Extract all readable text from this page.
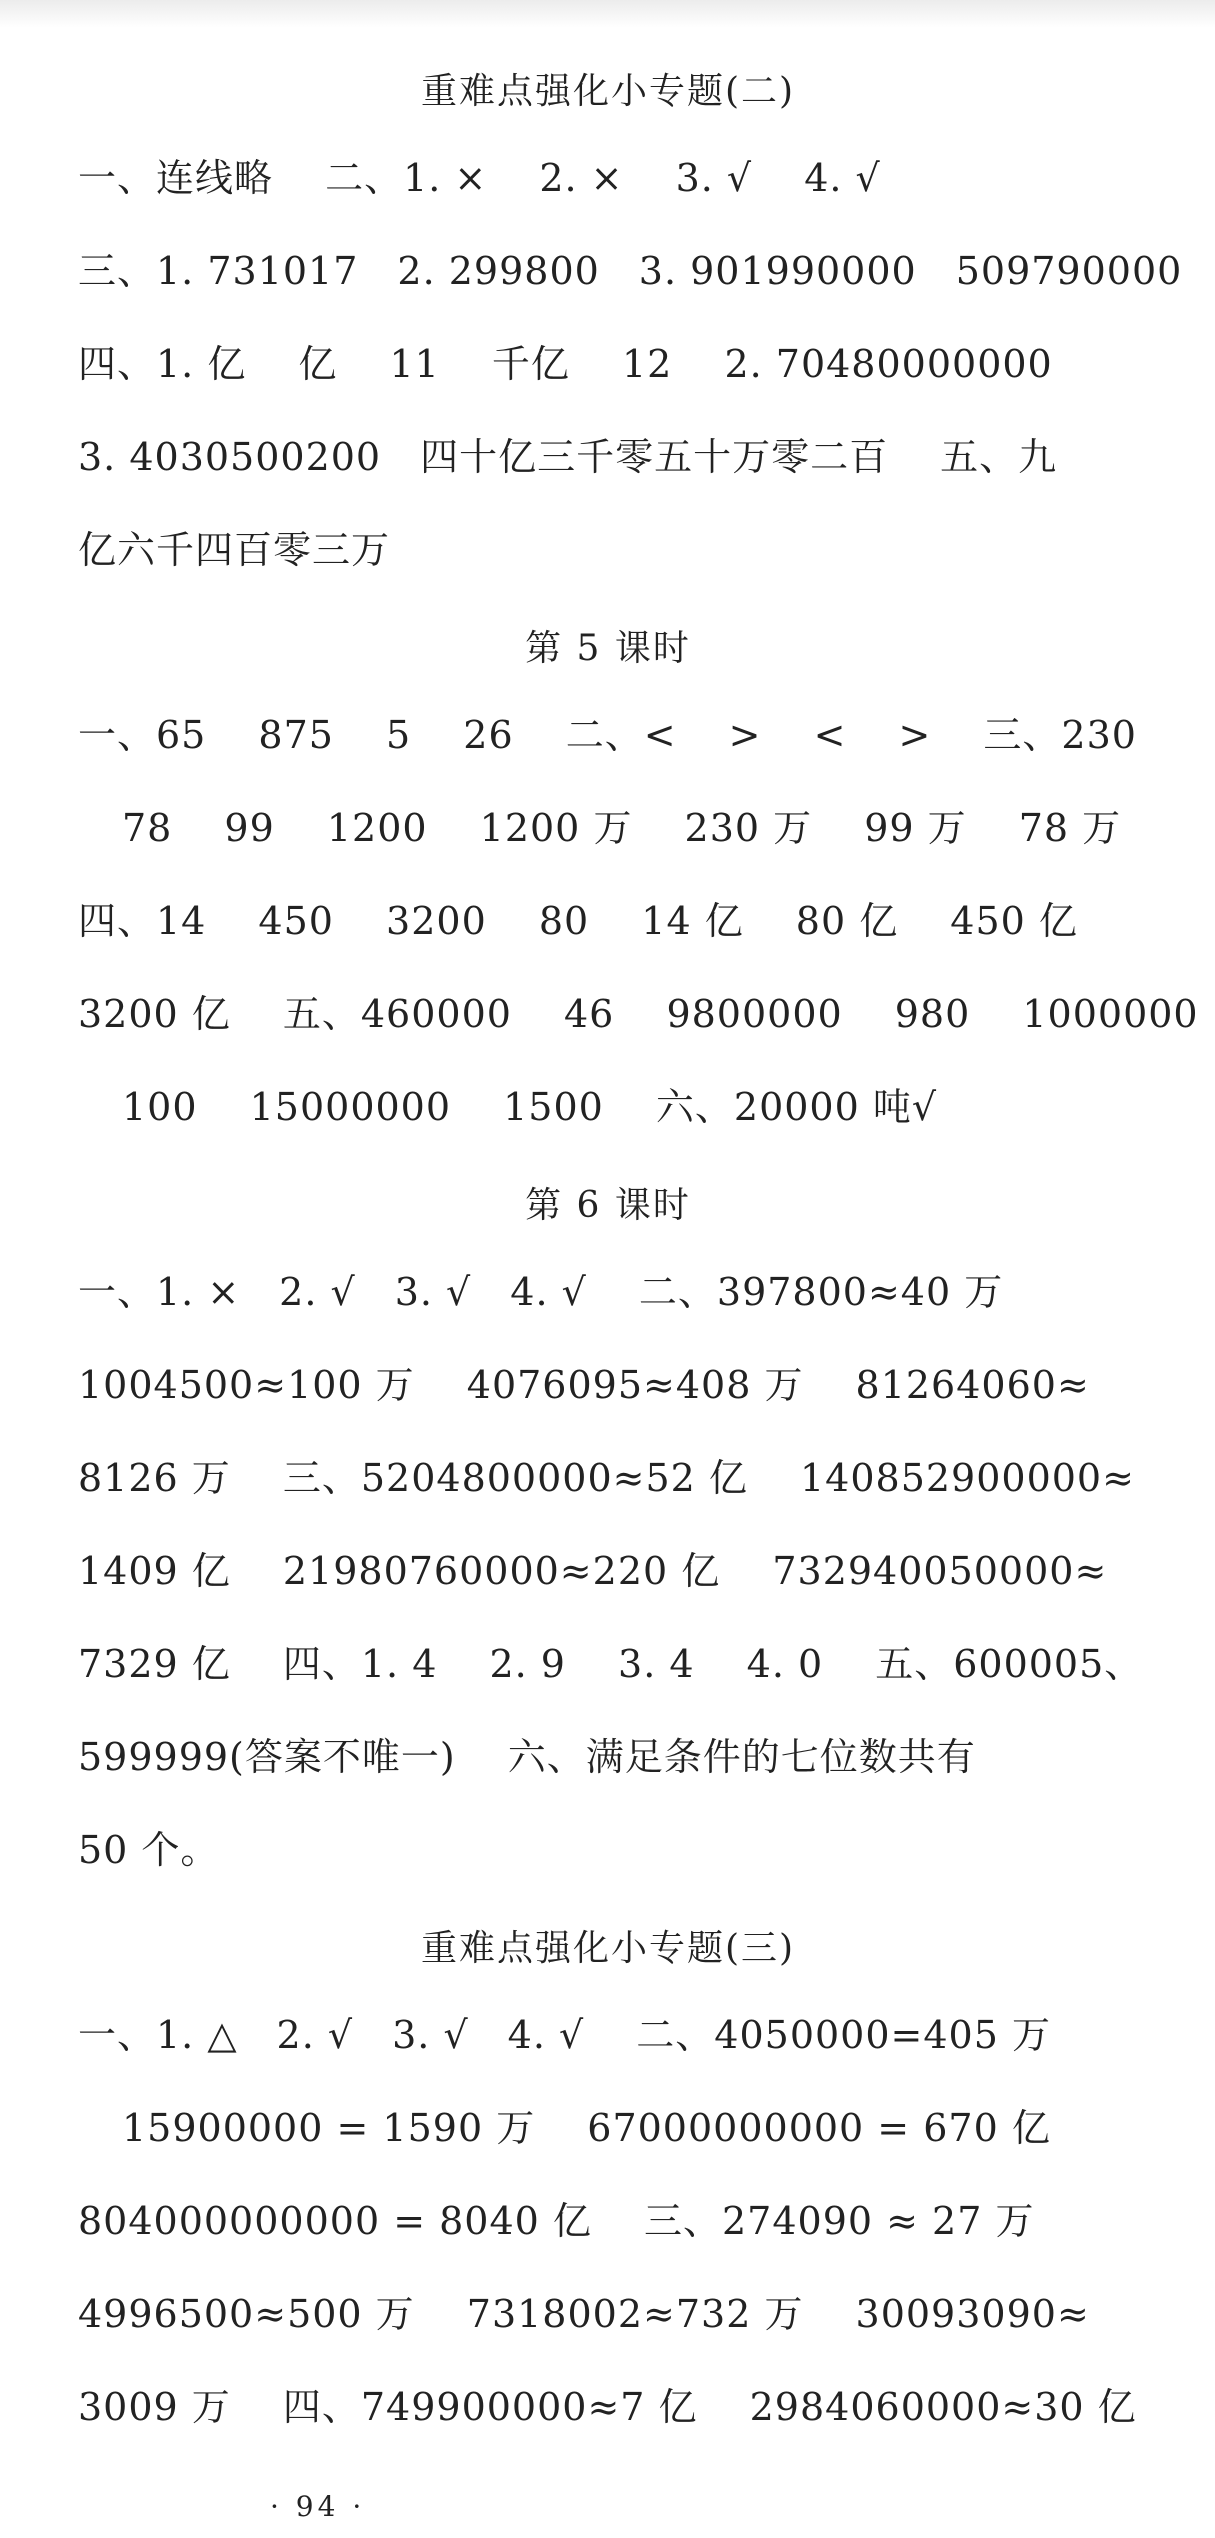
重难点强化小专题(二)
一、连线略　 二、1. ×　 2. ×　 3. √　 4. √
三、1. 731017　2. 299800　3. 901990000　509790000
四、1. 亿　 亿　 11　 千亿　 12　 2. 70480000000
3. 4030500200　四十亿三千零五十万零二百　 五、九
亿六千四百零三万
第 5 课时
一、65　 875　 5　 26　 二、<　 >　 <　 >　 三、230
78　 99　 1200　 1200 万　 230 万　 99 万　 78 万
四、14　 450　 3200　 80　 14 亿　 80 亿　 450 亿
3200 亿　 五、460000　 46　 9800000　 980　 1000000
100　 15000000　 1500　 六、20000 吨√
第 6 课时
一、1. ×　2. √　3. √　4. √　 二、397800≈40 万
1004500≈100 万　 4076095≈408 万　 81264060≈
8126 万　 三、5204800000≈52 亿　 140852900000≈
1409 亿　 21980760000≈220 亿　 732940050000≈
7329 亿　 四、1. 4　 2. 9　 3. 4　 4. 0　 五、600005、
599999(答案不唯一)　 六、满足条件的七位数共有
50 个。
重难点强化小专题(三)
一、1. △　2. √　3. √　4. √　 二、4050000=405 万
15900000 = 1590 万　 67000000000 = 670 亿
804000000000 = 8040 亿　 三、274090 ≈ 27 万
4996500≈500 万　 7318002≈732 万　 30093090≈
3009 万　 四、749900000≈7 亿　 2984060000≈30 亿
· 94 ·
